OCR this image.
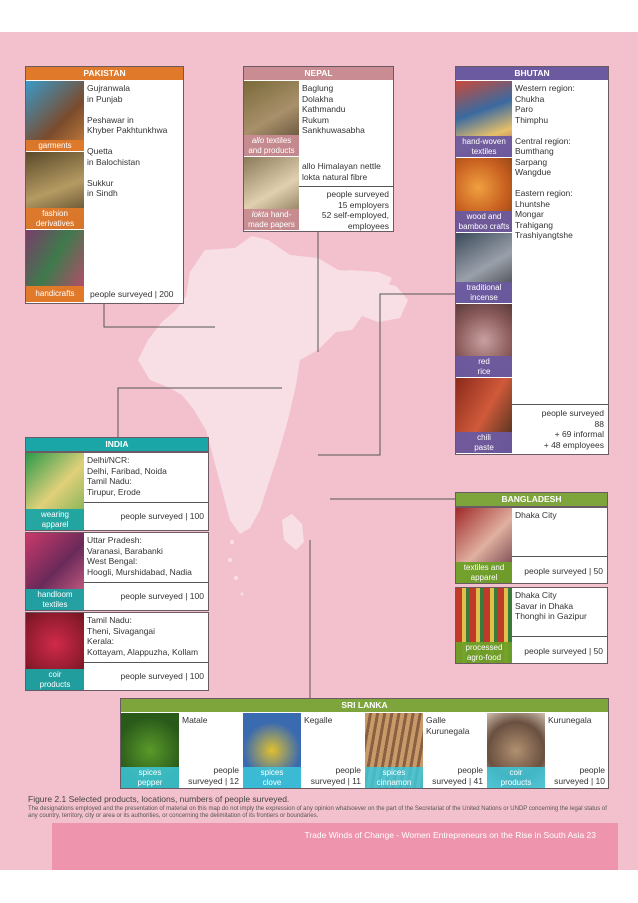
PAKISTAN
garments
fashion
derivatives
handicrafts
Gujranwala
in Punjab

Peshawar in
Khyber Pakhtunkhwa

Quetta
in Balochistan

Sukkur
in Sindh
people surveyed | 200
NEPAL
allo textiles
and products
lokta hand-
made papers
Baglung
Dolakha
Kathmandu
Rukum
Sankhuwasabha
allo Himalayan nettle
lokta natural fibre
people surveyed
15 employers
52 self-employed,
employees
BHUTAN
hand-woven
textiles
wood and
bamboo crafts
traditional
incense
red
rice
chili
paste
Western region:
Chukha
Paro
Thimphu

Central region:
Bumthang
Sarpang
Wangdue

Eastern region:
Lhuntshe
Mongar
Trahigang
Trashiyangtshe
people surveyed
88
+ 69 informal
+ 48 employees
INDIA
wearing
apparel
Delhi/NCR:
Delhi, Faribad, Noida
Tamil Nadu:
Tirupur, Erode
people surveyed | 100
handloom
textiles
Uttar Pradesh:
Varanasi, Barabanki
West Bengal:
Hoogli, Murshidabad, Nadia
people surveyed | 100
coir
products
Tamil Nadu:
Theni, Sivagangai
Kerala:
Kottayam, Alappuzha, Kollam
people surveyed | 100
BANGLADESH
textiles and
apparel
Dhaka City
people surveyed | 50
processed
agro-food
Dhaka City
Savar in Dhaka
Thonghi in Gazipur
people surveyed | 50
SRI LANKA
spices
pepper
Matale
people
surveyed | 12
spices
clove
Kegalle
people
surveyed | 11
spices
cinnamon
Galle
Kurunegala
people
surveyed | 41
coir
products
Kurunegala
people
surveyed | 10
Figure 2.1 Selected products, locations, numbers of people surveyed.
The designations employed and the presentation of material on this map do not imply the expression of any opinion whatsoever on the part of the Secretariat of the United Nations or UNDP concerning the legal status of any country, territory, city or area or its authorities, or concerning the delimitation of its frontiers or boundaries.
Trade Winds of Change - Women Entrepreneurs on the Rise in South Asia 23
